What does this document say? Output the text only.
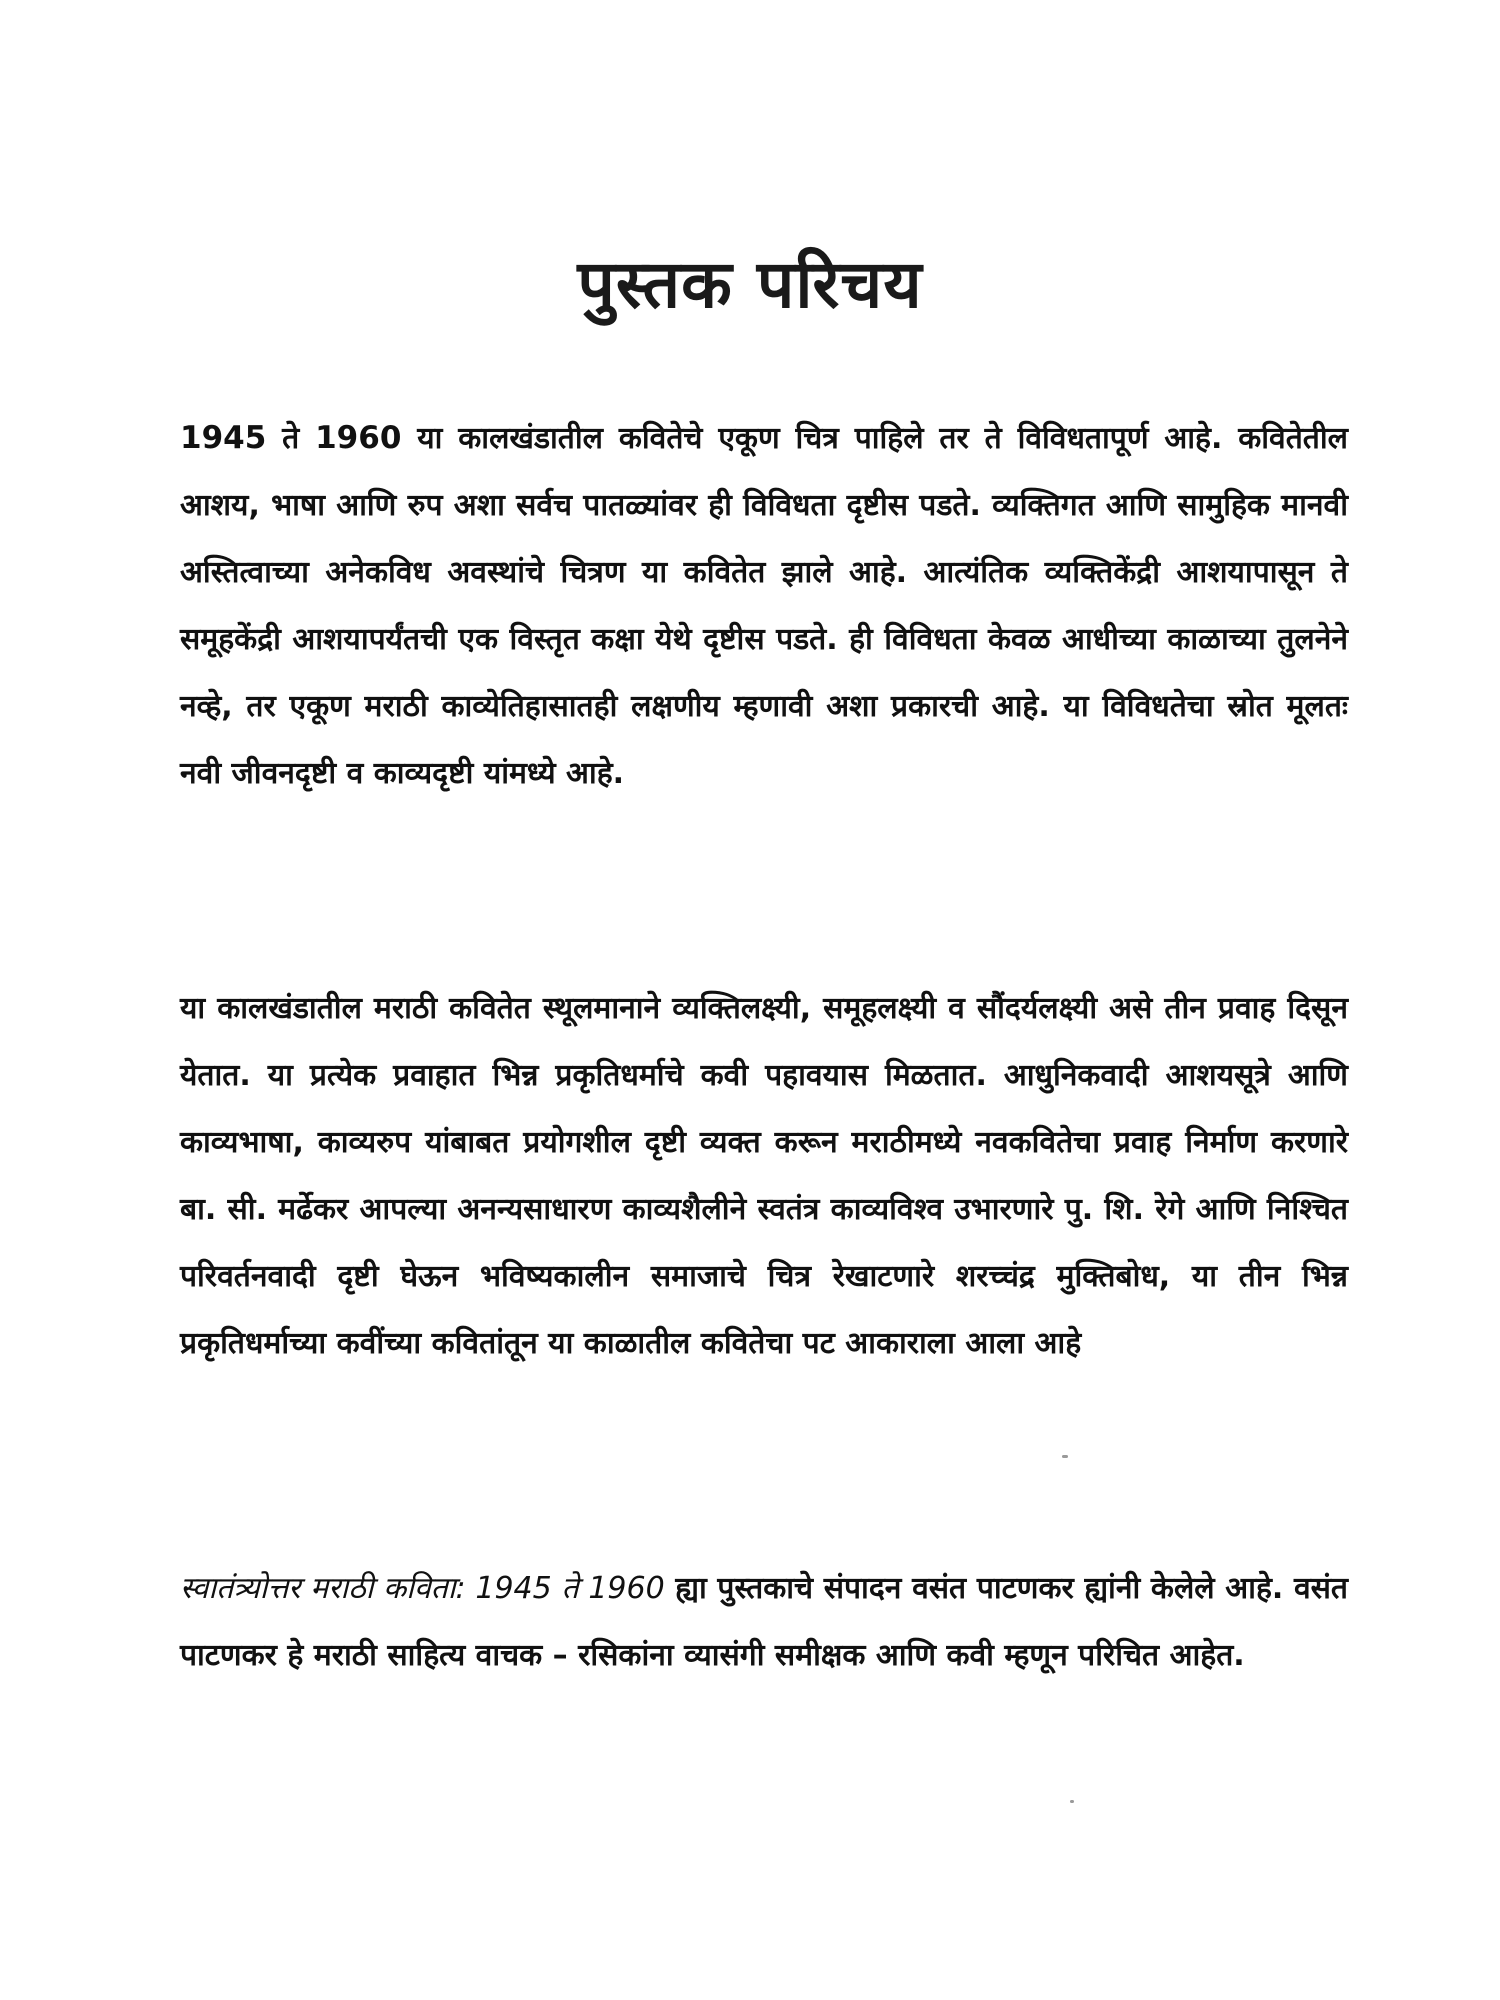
पुस्तक परिचय

1945 ते 1960 या कालखंडातील कवितेचे एकूण चित्र पाहिले तर ते विविधतापूर्ण आहे. कवितेतील आशय, भाषा आणि रुप अशा सर्वच पातळ्यांवर ही विविधता दृष्टीस पडते. व्यक्तिगत आणि सामुहिक मानवी अस्तित्वाच्या अनेकविध अवस्थांचे चित्रण या कवितेत झाले आहे. आत्यंतिक व्यक्तिकेंद्री आशयापासून ते समूहकेंद्री आशयापर्यंतची एक विस्तृत कक्षा येथे दृष्टीस पडते. ही विविधता केवळ आधीच्या काळाच्या तुलनेने नव्हे, तर एकूण मराठी काव्येतिहासातही लक्षणीय म्हणावी अशा प्रकारची आहे. या विविधतेचा स्रोत मूलतः नवी जीवनदृष्टी व काव्यदृष्टी यांमध्ये आहे.

या कालखंडातील मराठी कवितेत स्थूलमानाने व्यक्तिलक्ष्यी, समूहलक्ष्यी व सौंदर्यलक्ष्यी असे तीन प्रवाह दिसून येतात. या प्रत्येक प्रवाहात भिन्न प्रकृतिधर्माचे कवी पहावयास मिळतात. आधुनिकवादी आशयसूत्रे आणि काव्यभाषा, काव्यरुप यांबाबत प्रयोगशील दृष्टी व्यक्त करून मराठीमध्ये नवकवितेचा प्रवाह निर्माण करणारे बा. सी. मर्ढेकर आपल्या अनन्यसाधारण काव्यशैलीने स्वतंत्र काव्यविश्व उभारणारे पु. शि. रेगे आणि निश्चित परिवर्तनवादी दृष्टी घेऊन भविष्यकालीन समाजाचे चित्र रेखाटणारे शरच्चंद्र मुक्तिबोध, या तीन भिन्न प्रकृतिधर्माच्या कवींच्या कवितांतून या काळातील कवितेचा पट आकाराला आला आहे

स्वातंत्र्योत्तर मराठी कविता: 1945 ते 1960 ह्या पुस्तकाचे संपादन वसंत पाटणकर ह्यांनी केलेले आहे. वसंत पाटणकर हे मराठी साहित्य वाचक – रसिकांना व्यासंगी समीक्षक आणि कवी म्हणून परिचित आहेत.
